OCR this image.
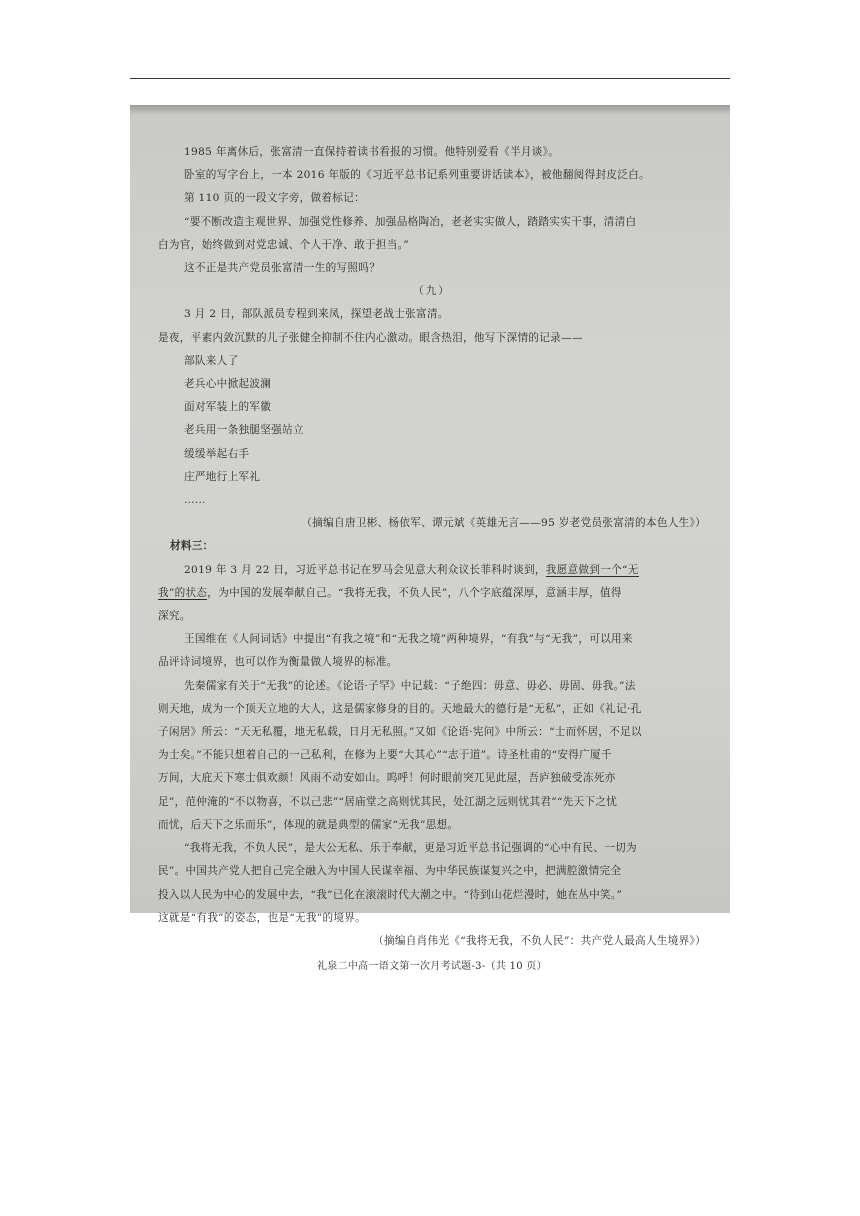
1985 年离休后，张富清一直保持着读书看报的习惯。他特别爱看《半月谈》。
卧室的写字台上，一本 2016 年版的《习近平总书记系列重要讲话读本》，被他翻阅得封皮泛白。
第 110 页的一段文字旁，做着标记：
“要不断改造主观世界、加强党性修养、加强品格陶冶，老老实实做人，踏踏实实干事，清清白
白为官，始终做到对党忠诚、个人干净、敢于担当。”
这不正是共产党员张富清一生的写照吗？
（九）
3 月 2 日，部队派员专程到来凤，探望老战士张富清。
是夜，平素内敛沉默的儿子张健全抑制不住内心激动。眼含热泪，他写下深情的记录——
部队来人了
老兵心中掀起波澜
面对军装上的军徽
老兵用一条独腿坚强站立
缓缓举起右手
庄严地行上军礼
……
（摘编自唐卫彬、杨依军、谭元斌《英雄无言——95 岁老党员张富清的本色人生》）
材料三：
2019 年 3 月 22 日，习近平总书记在罗马会见意大利众议长菲科时谈到，我愿意做到一个“无
我”的状态，为中国的发展奉献自己。“我将无我，不负人民”，八个字底蕴深厚，意涵丰厚，值得
深究。
王国维在《人间词话》中提出“有我之境”和“无我之境”两种境界，“有我”与“无我”，可以用来
品评诗词境界，也可以作为衡量做人境界的标准。
先秦儒家有关于“无我”的论述。《论语·子罕》中记载：“子绝四：毋意、毋必、毋固、毋我。”法
则天地，成为一个顶天立地的大人，这是儒家修身的目的。天地最大的德行是“无私”，正如《礼记·孔
子闲居》所云：“天无私覆，地无私载，日月无私照。”又如《论语·宪问》中所云：“士而怀居，不足以
为士矣。”不能只想着自己的一己私利，在修为上要“大其心”“志于道”。诗圣杜甫的“安得广厦千
万间，大庇天下寒士俱欢颜！风雨不动安如山。呜呼！何时眼前突兀见此屋，吾庐独破受冻死亦
足”，范仲淹的“不以物喜，不以己悲”“居庙堂之高则忧其民，处江湖之远则忧其君”“先天下之忧
而忧，后天下之乐而乐”，体现的就是典型的儒家“无我”思想。
“我将无我，不负人民”，是大公无私、乐于奉献，更是习近平总书记强调的“心中有民、一切为
民”。中国共产党人把自己完全融入为中国人民谋幸福、为中华民族谋复兴之中，把满腔激情完全
投入以人民为中心的发展中去，“我”已化在滚滚时代大潮之中。“待到山花烂漫时，她在丛中笑。”
这就是“有我”的姿态，也是“无我”的境界。
（摘编自肖伟光《“我将无我，不负人民”：共产党人最高人生境界》）
礼泉二中高一语文第一次月考试题-3-（共 10 页）
